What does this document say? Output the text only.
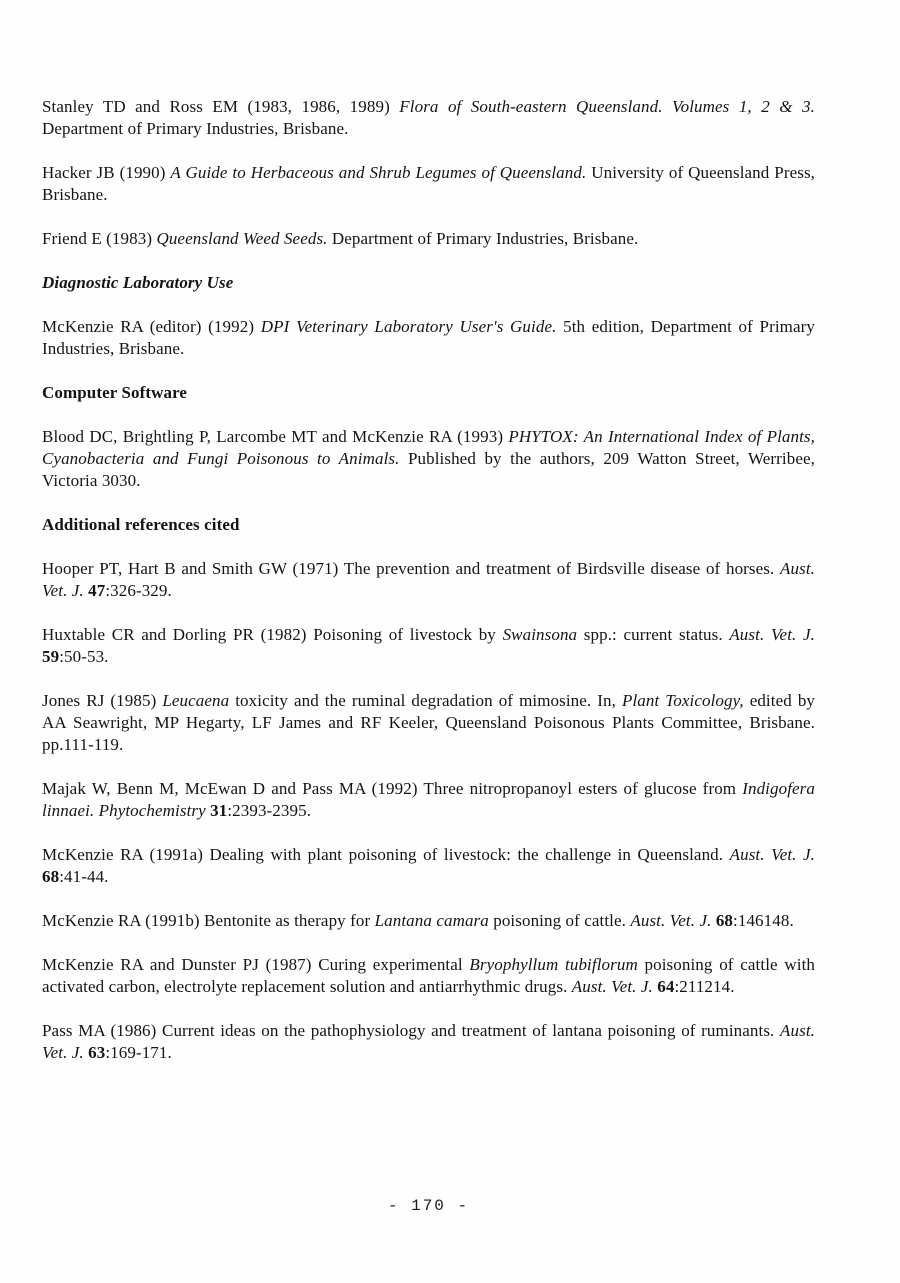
Stanley TD and Ross EM (1983, 1986, 1989) Flora of South-eastern Queensland. Volumes 1, 2 & 3. Department of Primary Industries, Brisbane.

Hacker JB (1990) A Guide to Herbaceous and Shrub Legumes of Queensland. University of Queensland Press, Brisbane.

Friend E (1983) Queensland Weed Seeds. Department of Primary Industries, Brisbane.

Diagnostic Laboratory Use

McKenzie RA (editor) (1992) DPI Veterinary Laboratory User's Guide. 5th edition, Department of Primary Industries, Brisbane.

Computer Software

Blood DC, Brightling P, Larcombe MT and McKenzie RA (1993) PHYTOX: An International Index of Plants, Cyanobacteria and Fungi Poisonous to Animals. Published by the authors, 209 Watton Street, Werribee, Victoria 3030.

Additional references cited

Hooper PT, Hart B and Smith GW (1971) The prevention and treatment of Birdsville disease of horses. Aust. Vet. J. 47:326-329.

Huxtable CR and Dorling PR (1982) Poisoning of livestock by Swainsona spp.: current status. Aust. Vet. J. 59:50-53.

Jones RJ (1985) Leucaena toxicity and the ruminal degradation of mimosine. In, Plant Toxicology, edited by AA Seawright, MP Hegarty, LF James and RF Keeler, Queensland Poisonous Plants Committee, Brisbane. pp.111-119.

Majak W, Benn M, McEwan D and Pass MA (1992) Three nitropropanoyl esters of glucose from Indigofera linnaei. Phytochemistry 31:2393-2395.

McKenzie RA (1991a) Dealing with plant poisoning of livestock: the challenge in Queensland. Aust. Vet. J. 68:41-44.

McKenzie RA (1991b) Bentonite as therapy for Lantana camara poisoning of cattle. Aust. Vet. J. 68:146148.

McKenzie RA and Dunster PJ (1987) Curing experimental Bryophyllum tubiflorum poisoning of cattle with activated carbon, electrolyte replacement solution and antiarrhythmic drugs. Aust. Vet. J. 64:211214.

Pass MA (1986) Current ideas on the pathophysiology and treatment of lantana poisoning of ruminants. Aust. Vet. J. 63:169-171.

- 170 -
